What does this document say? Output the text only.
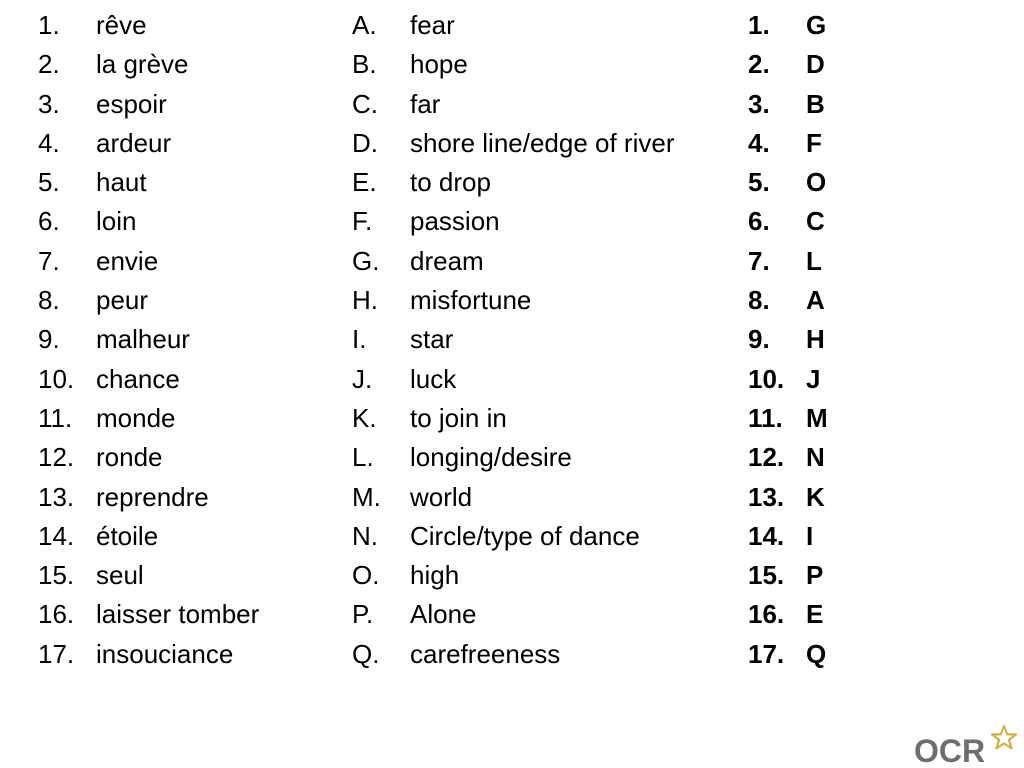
1. rêve
2. la grève
3. espoir
4. ardeur
5. haut
6. loin
7. envie
8. peur
9. malheur
10. chance
11. monde
12. ronde
13. reprendre
14. étoile
15. seul
16. laisser tomber
17. insouciance
A. fear
B. hope
C. far
D. shore line/edge of river
E. to drop
F. passion
G. dream
H. misfortune
I. star
J. luck
K. to join in
L. longing/desire
M. world
N. Circle/type of dance
O. high
P. Alone
Q. carefreeness
1. G
2. D
3. B
4. F
5. O
6. C
7. L
8. A
9. H
10. J
11. M
12. N
13. K
14. I
15. P
16. E
17. Q
OCR
